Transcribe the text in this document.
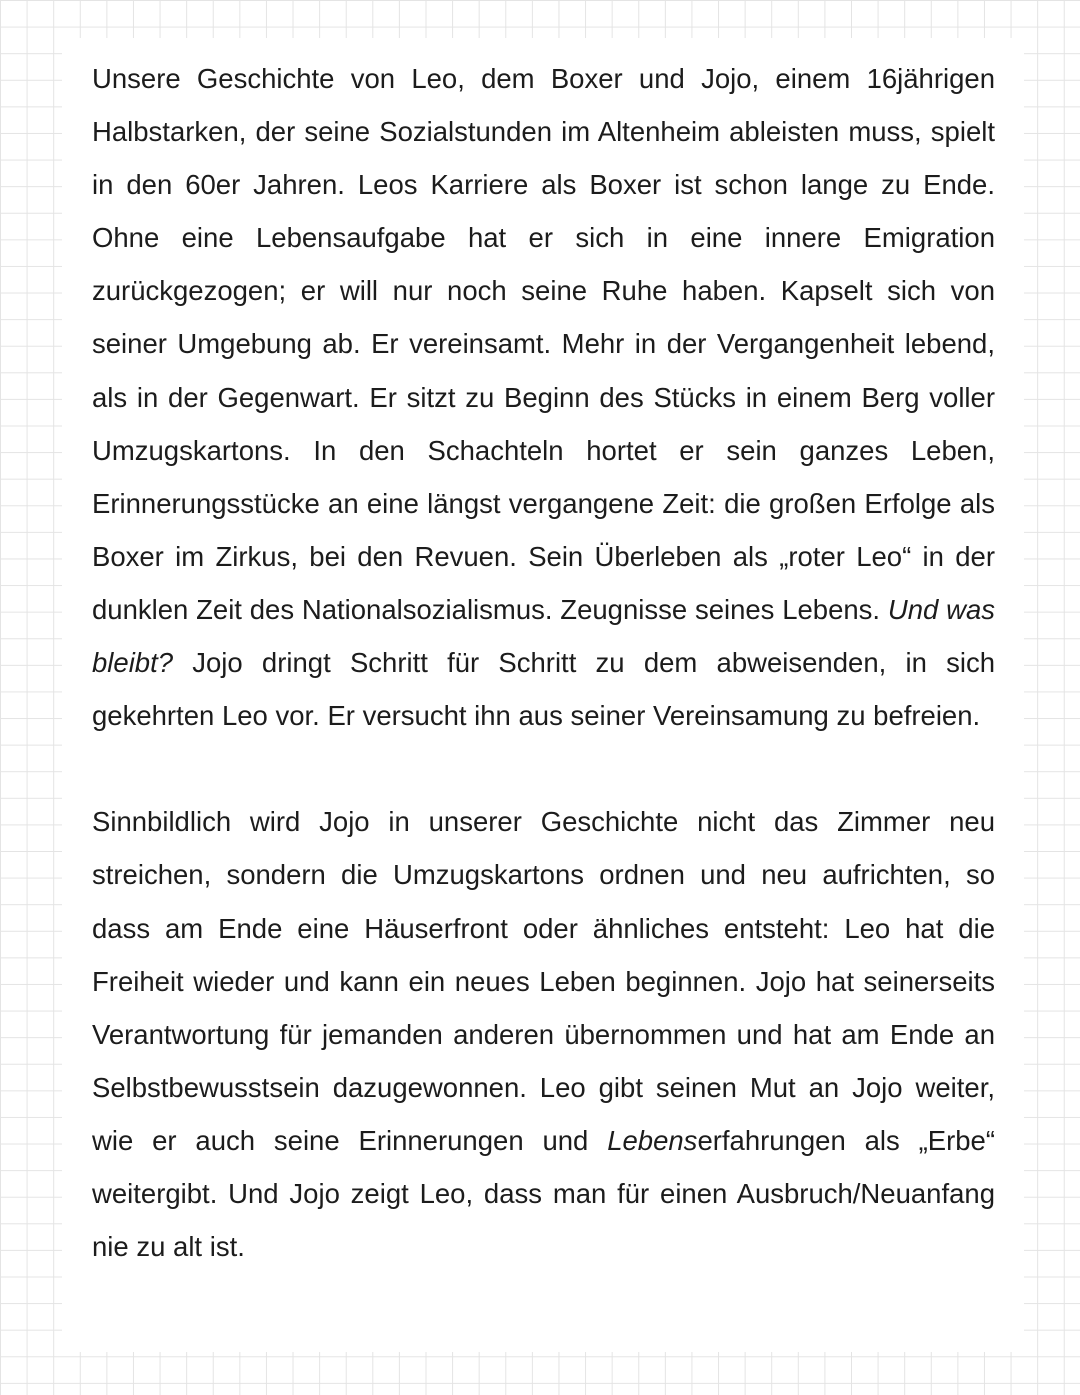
Unsere Geschichte von Leo, dem Boxer und Jojo, einem 16jährigen Halbstarken, der seine Sozialstunden im Altenheim ableisten muss, spielt in den 60er Jahren. Leos Karriere als Boxer ist schon lange zu Ende. Ohne eine Lebensaufgabe hat er sich in eine innere Emigration zurückgezogen; er will nur noch seine Ruhe haben. Kapselt sich von seiner Umgebung ab. Er vereinsamt. Mehr in der Vergangenheit lebend, als in der Gegenwart. Er sitzt zu Beginn des Stücks in einem Berg voller Umzugskartons. In den Schachteln hortet er sein ganzes Leben, Erinnerungsstücke an eine längst vergangene Zeit: die großen Erfolge als Boxer im Zirkus, bei den Revuen. Sein Überleben als „roter Leo“ in der dunklen Zeit des Nationalsozialismus. Zeugnisse seines Lebens. Und was bleibt? Jojo dringt Schritt für Schritt zu dem abweisenden, in sich gekehrten Leo vor. Er versucht ihn aus seiner Vereinsamung zu befreien.

Sinnbildlich wird Jojo in unserer Geschichte nicht das Zimmer neu streichen, sondern die Umzugskartons ordnen und neu aufrichten, so dass am Ende eine Häuserfront oder ähnliches entsteht: Leo hat die Freiheit wieder und kann ein neues Leben beginnen. Jojo hat seinerseits Verantwortung für jemanden anderen übernommen und hat am Ende an Selbstbewusstsein dazugewonnen. Leo gibt seinen Mut an Jojo weiter, wie er auch seine Erinnerungen und Lebenserfahrungen als „Erbe“ weitergibt. Und Jojo zeigt Leo, dass man für einen Ausbruch/Neuanfang nie zu alt ist.
